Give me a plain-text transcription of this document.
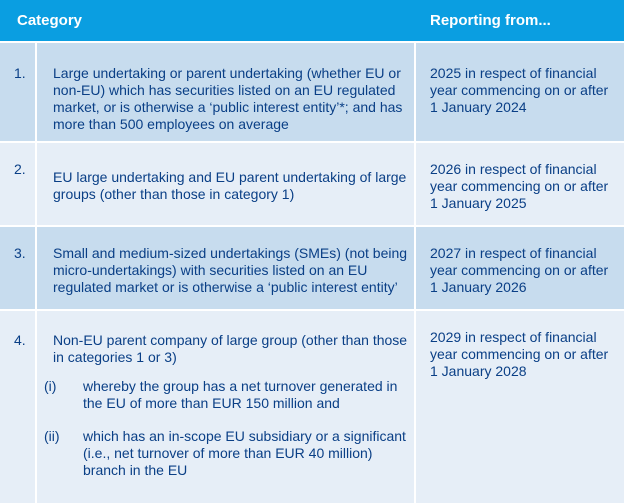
Category	Reporting from...
1. Large undertaking or parent undertaking (whether EU or non-EU) which has securities listed on an EU regulated market, or is otherwise a ‘public interest entity’*; and has more than 500 employees on average
2025 in respect of financial year commencing on or after 1 January 2024
2. EU large undertaking and EU parent undertaking of large groups (other than those in category 1)
2026 in respect of financial year commencing on or after 1 January 2025
3. Small and medium-sized undertakings (SMEs) (not being micro-undertakings) with securities listed on an EU regulated market or is otherwise a ‘public interest entity’
2027 in respect of financial year commencing on or after 1 January 2026
4. Non-EU parent company of large group (other than those in categories 1 or 3)
(i) whereby the group has a net turnover generated in the EU of more than EUR 150 million and
(ii) which has an in-scope EU subsidiary or a significant (i.e., net turnover of more than EUR 40 million) branch in the EU
2029 in respect of financial year commencing on or after 1 January 2028
